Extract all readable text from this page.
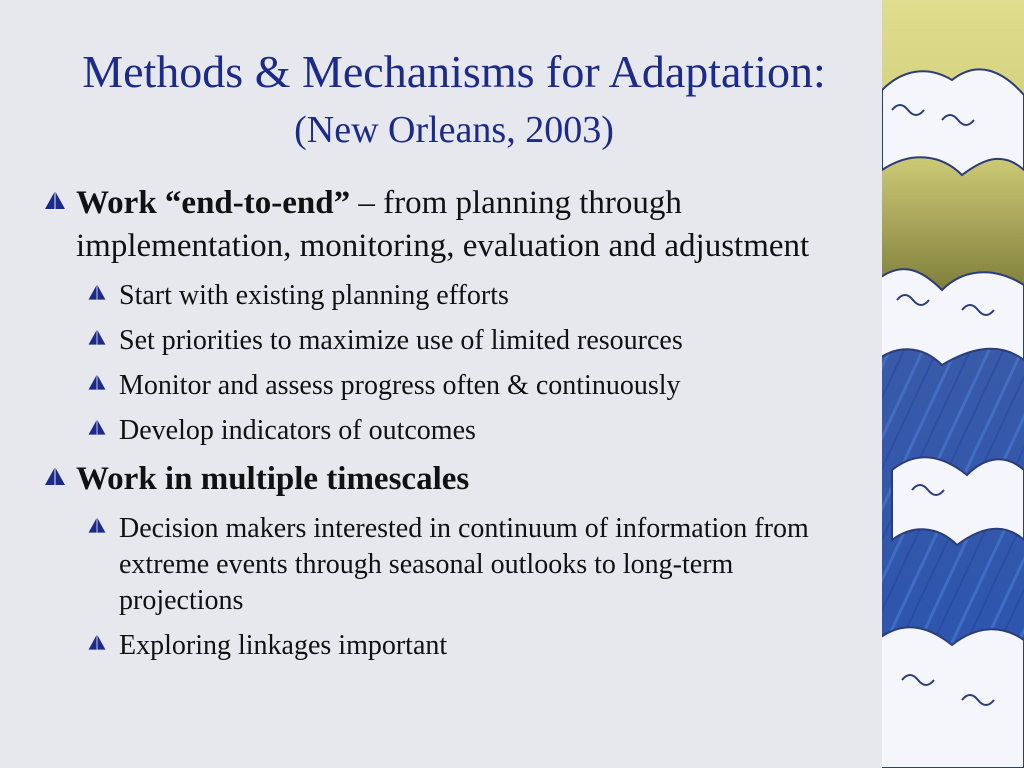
Methods & Mechanisms for Adaptation:
(New Orleans, 2003)
Work “end-to-end” – from planning through implementation, monitoring, evaluation and adjustment
Start with existing planning efforts
Set priorities to maximize use of limited resources
Monitor and assess progress often & continuously
Develop indicators of outcomes
Work in multiple timescales
Decision makers interested in continuum of information from extreme events through seasonal outlooks to long-term projections
Exploring linkages important
